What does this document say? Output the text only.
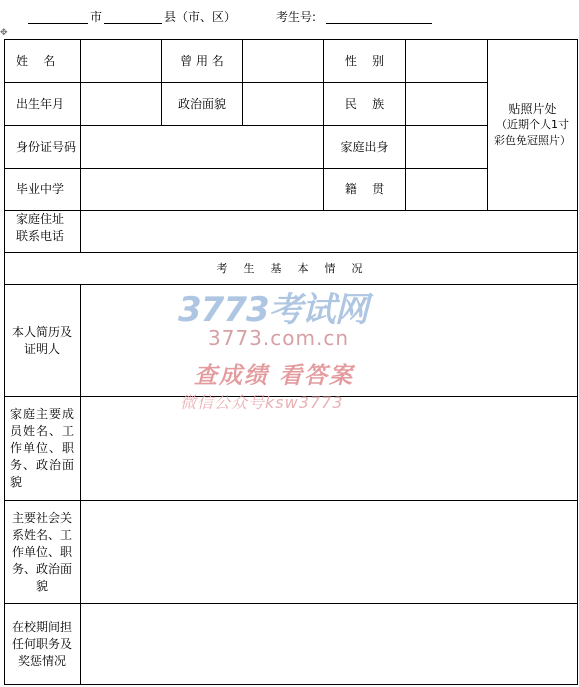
市	县（市、区）	考生号:
✥
姓    名	曾 用 名	性    别
贴照片处
（近期个人1寸
彩色免冠照片）
出生年月	政治面貌	民    族
身份证号码	家庭出身
毕业中学	籍    贯
家庭住址
联系电话
考  生  基  本  情  况
本人简历及证明人
家庭主要成员姓名、工作单位、职务、政治面貌
主要社会关系姓名、工作单位、职务、政治面貌
在校期间担任何职务及奖惩情况
3773考试网
3773.com.cn
查成绩 看答案
微信公众号ksw3773
